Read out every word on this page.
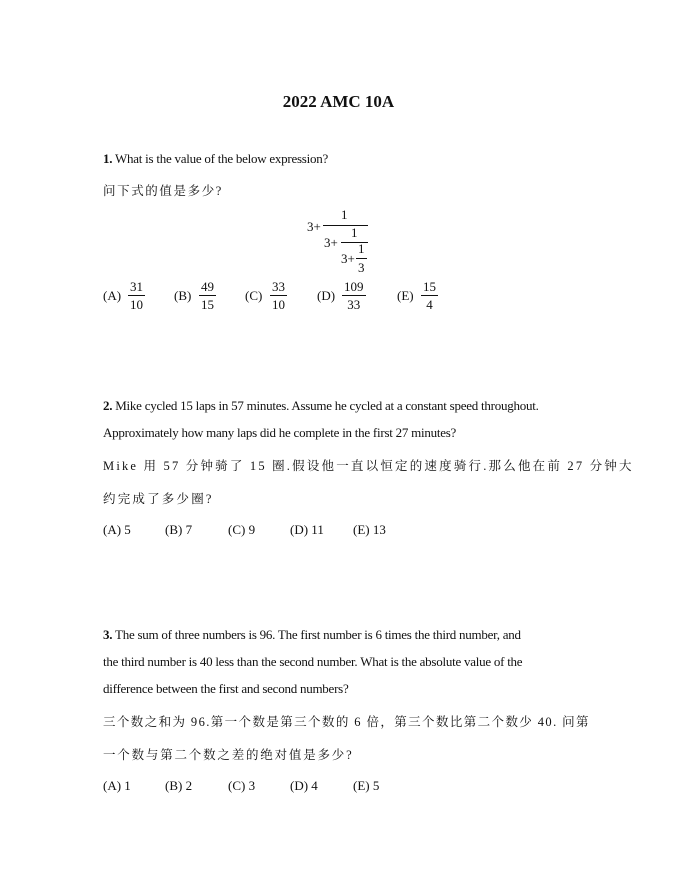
2022 AMC 10A
1. What is the value of the below expression?
问下式的值是多少?
3+
1
3+
1
3+
1
3
(A)
31
10
(B)
49
15
(C)
33
10
(D)
109
33
(E)
15
4
2. Mike cycled 15 laps in 57 minutes. Assume he cycled at a constant speed throughout.
Approximately how many laps did he complete in the first 27 minutes?
Mike 用 57 分钟骑了 15 圈.假设他一直以恒定的速度骑行.那么他在前 27 分钟大
约完成了多少圈?
(A) 5	(B) 7	(C) 9	(D) 11 (E) 13
3. The sum of three numbers is 96. The first number is 6 times the third number, and
the third number is 40 less than the second number. What is the absolute value of the
difference between the first and second numbers?
三个数之和为 96.第一个数是第三个数的 6 倍，第三个数比第二个数少 40. 问第
一个数与第二个数之差的绝对值是多少?
(A) 1	(B) 2	(C) 3	(D) 4	(E) 5
